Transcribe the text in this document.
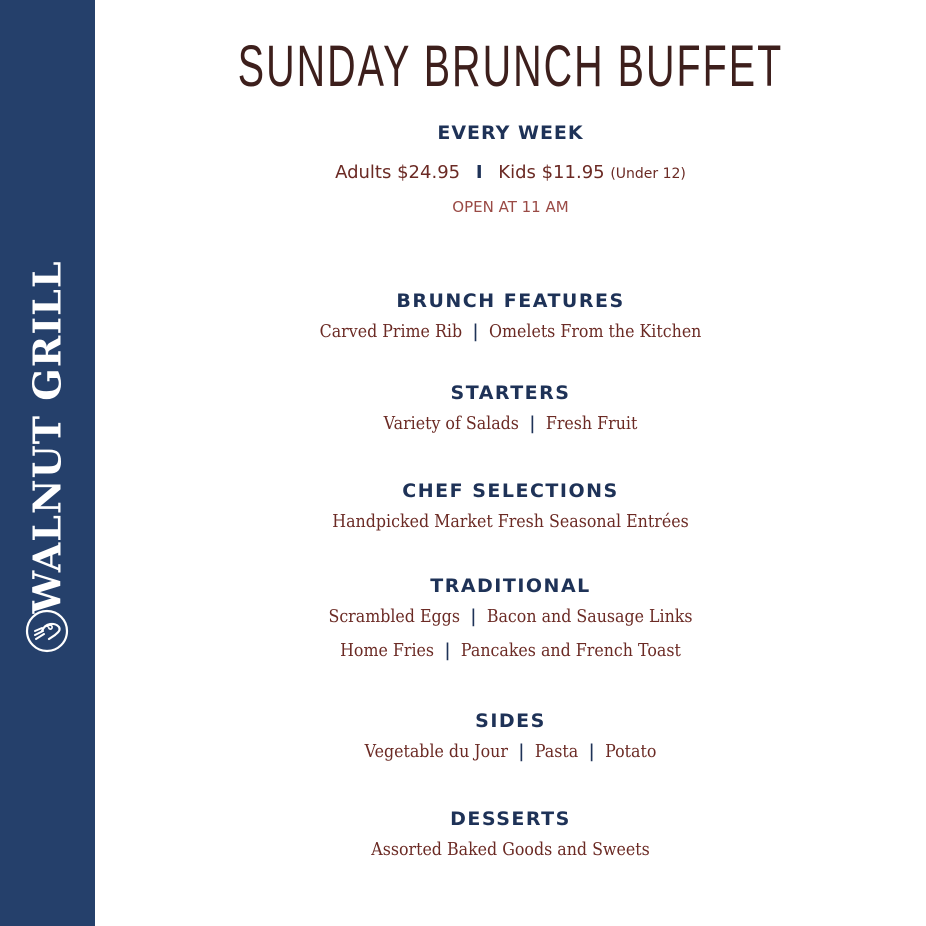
WALNUT GRILL
SUNDAY BRUNCH BUFFET
EVERY WEEK
Adults $24.95 I Kids $11.95 (Under 12)
OPEN AT 11 AM
BRUNCH FEATURES
Carved Prime Rib | Omelets From the Kitchen
STARTERS
Variety of Salads | Fresh Fruit
CHEF SELECTIONS
Handpicked Market Fresh Seasonal Entrées
TRADITIONAL
Scrambled Eggs | Bacon and Sausage Links
Home Fries | Pancakes and French Toast
SIDES
Vegetable du Jour | Pasta | Potato
DESSERTS
Assorted Baked Goods and Sweets
